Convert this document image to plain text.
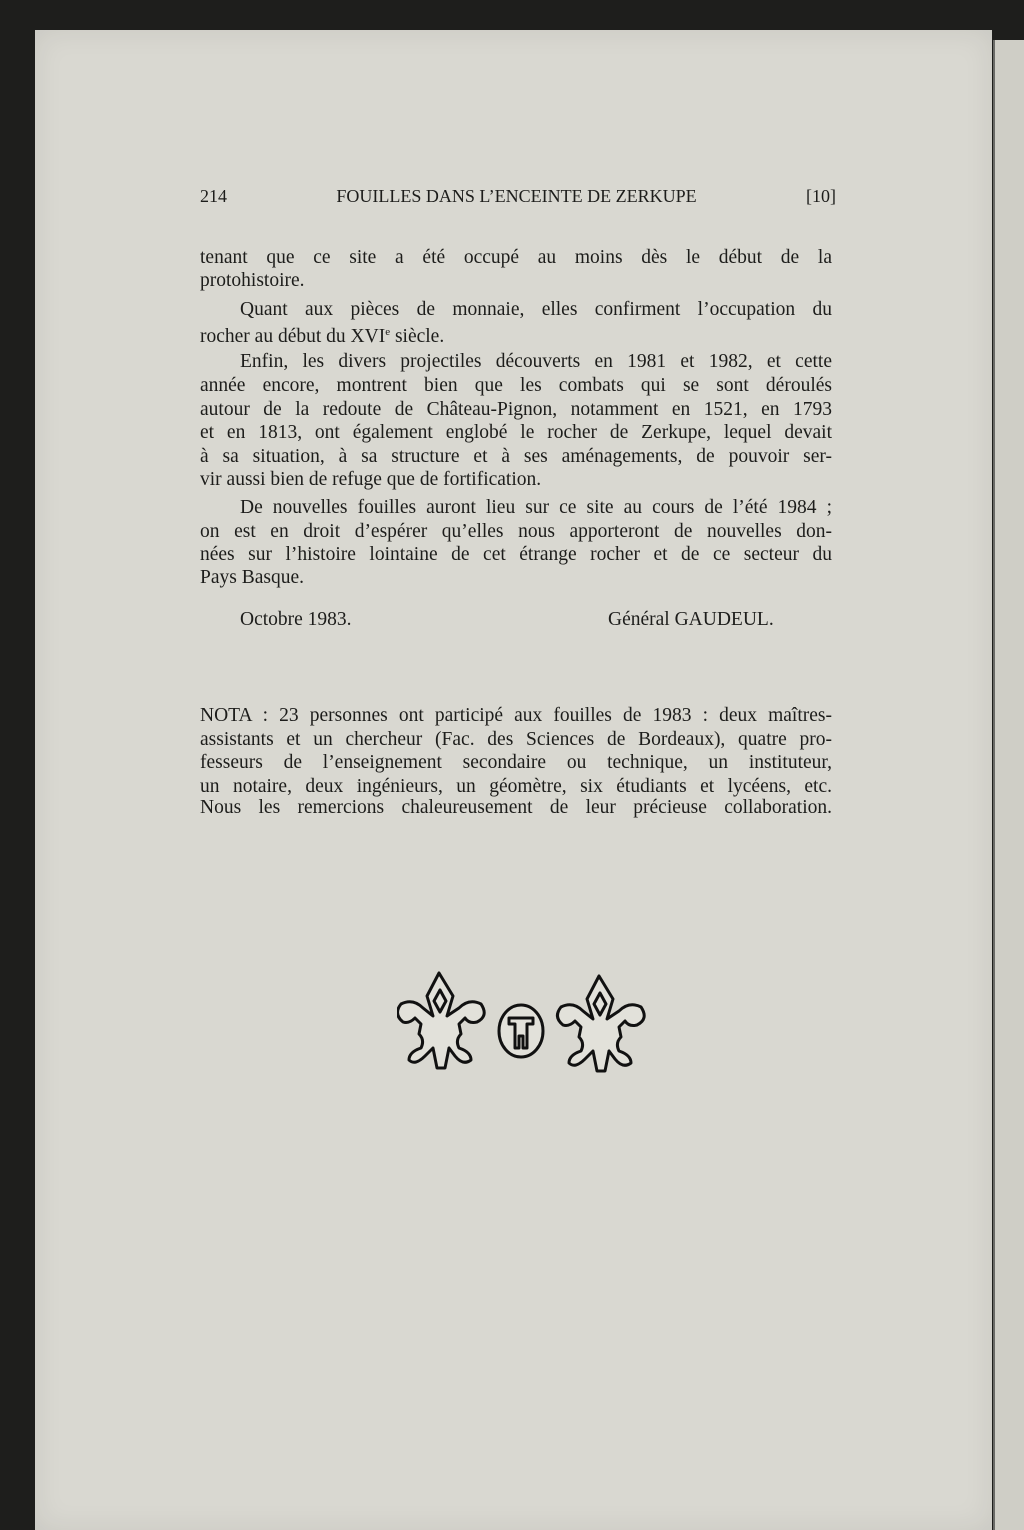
214	FOUILLES DANS L’ENCEINTE DE ZERKUPE	[10]
tenant que ce site a été occupé au moins dès le début de la
protohistoire.
Quant aux pièces de monnaie, elles confirment l’occupation du
rocher au début du XVIe siècle.
Enfin, les divers projectiles découverts en 1981 et 1982, et cette
année encore, montrent bien que les combats qui se sont déroulés
autour de la redoute de Château-Pignon, notamment en 1521, en 1793
et en 1813, ont également englobé le rocher de Zerkupe, lequel devait
à sa situation, à sa structure et à ses aménagements, de pouvoir ser-
vir aussi bien de refuge que de fortification.
De nouvelles fouilles auront lieu sur ce site au cours de l’été 1984 ;
on est en droit d’espérer qu’elles nous apporteront de nouvelles don-
nées sur l’histoire lointaine de cet étrange rocher et de ce secteur du
Pays Basque.
Octobre 1983.	Général GAUDEUL.
NOTA : 23 personnes ont participé aux fouilles de 1983 : deux maîtres-
assistants et un chercheur (Fac. des Sciences de Bordeaux), quatre pro-
fesseurs de l’enseignement secondaire ou technique, un instituteur,
un notaire, deux ingénieurs, un géomètre, six étudiants et lycéens, etc.
Nous les remercions chaleureusement de leur précieuse collaboration.
